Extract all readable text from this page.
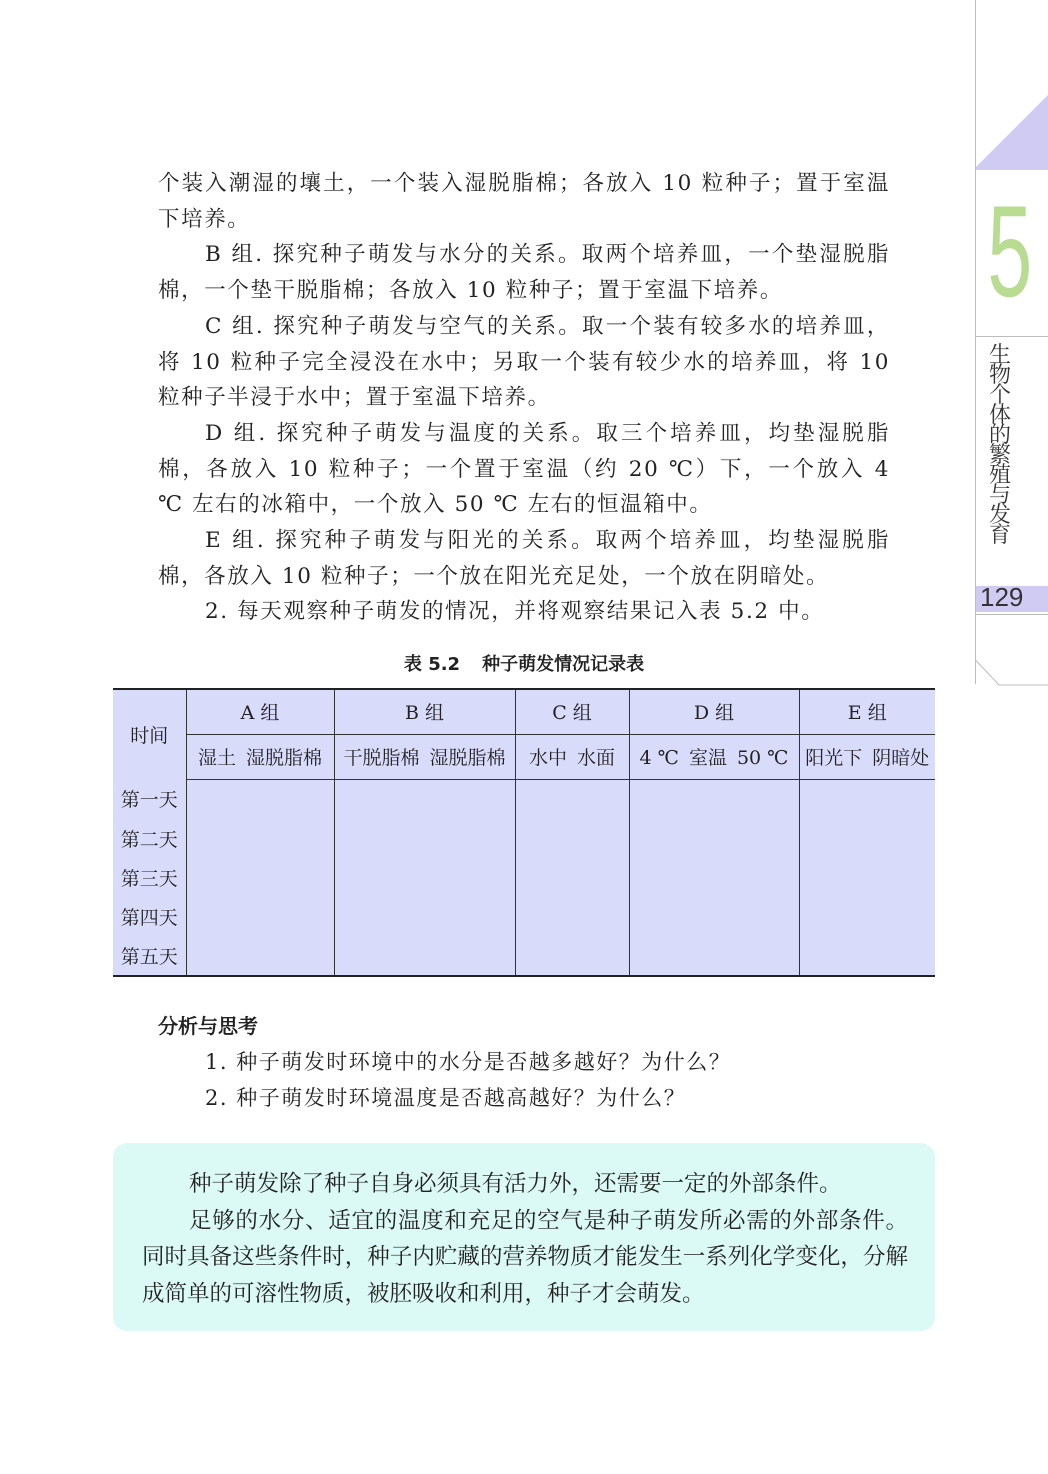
5
生物个体的繁殖与发育
129

个装入潮湿的壤土，一个装入湿脱脂棉；各放入 10 粒种子；置于室温下培养。

B 组. 探究种子萌发与水分的关系。取两个培养皿，一个垫湿脱脂棉，一个垫干脱脂棉；各放入 10 粒种子；置于室温下培养。

C 组. 探究种子萌发与空气的关系。取一个装有较多水的培养皿，将 10 粒种子完全浸没在水中；另取一个装有较少水的培养皿，将 10 粒种子半浸于水中；置于室温下培养。

D 组. 探究种子萌发与温度的关系。取三个培养皿，均垫湿脱脂棉，各放入 10 粒种子；一个置于室温（约 20 ℃）下，一个放入 4 ℃ 左右的冰箱中，一个放入 50 ℃ 左右的恒温箱中。

E 组. 探究种子萌发与阳光的关系。取两个培养皿，均垫湿脱脂棉，各放入 10 粒种子；一个放在阳光充足处，一个放在阴暗处。

2. 每天观察种子萌发的情况，并将观察结果记入表 5.2 中。

表 5.2 种子萌发情况记录表
时间	A 组	B 组	C 组	D 组	E 组
	湿土 湿脱脂棉	干脱脂棉 湿脱脂棉	水中 水面	4 ℃ 室温 50 ℃	阳光下 阴暗处
第一天					
第二天					
第三天					
第四天					
第五天					
分析与思考
1. 种子萌发时环境中的水分是否越多越好？为什么？
2. 种子萌发时环境温度是否越高越好？为什么？

种子萌发除了种子自身必须具有活力外，还需要一定的外部条件。

足够的水分、适宜的温度和充足的空气是种子萌发所必需的外部条件。同时具备这些条件时，种子内贮藏的营养物质才能发生一系列化学变化，分解成简单的可溶性物质，被胚吸收和利用，种子才会萌发。
